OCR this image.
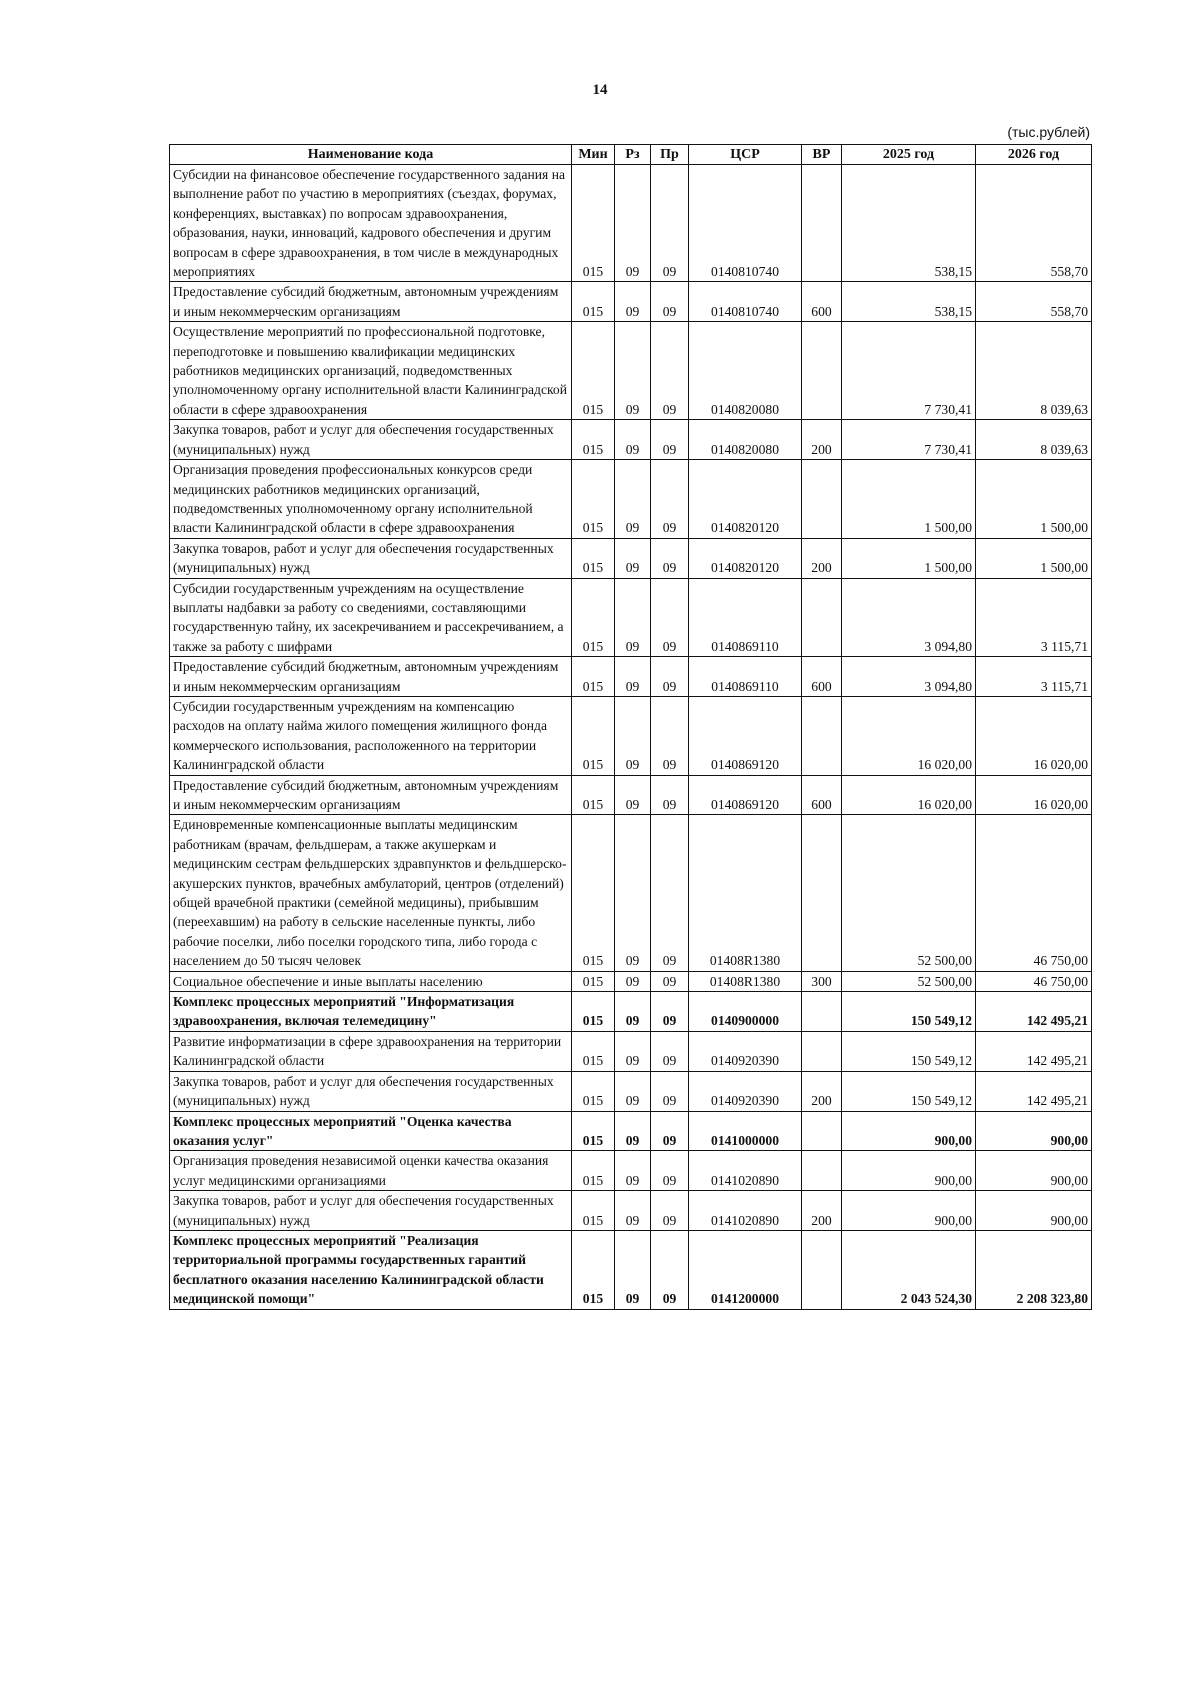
14
(тыс.рублей)
Наименование кода	Мин	Рз	Пр	ЦСР	ВР	2025 год	2026 год
Субсидии на финансовое обеспечение государственного задания на выполнение работ по участию в мероприятиях (съездах, форумах, конференциях, выставках) по вопросам здравоохранения, образования, науки, инноваций, кадрового обеспечения и другим вопросам в сфере здравоохранения, в том числе в международных мероприятиях	015	09	09	0140810740		538,15	558,70
Предоставление субсидий бюджетным, автономным учреждениям и иным некоммерческим организациям	015	09	09	0140810740	600	538,15	558,70
Осуществление мероприятий по профессиональной подготовке, переподготовке и повышению квалификации медицинских работников медицинских организаций, подведомственных уполномоченному органу исполнительной власти Калининградской области в сфере здравоохранения	015	09	09	0140820080		7 730,41	8 039,63
Закупка товаров, работ и услуг для обеспечения государственных (муниципальных) нужд	015	09	09	0140820080	200	7 730,41	8 039,63
Организация проведения профессиональных конкурсов среди медицинских работников медицинских организаций, подведомственных уполномоченному органу исполнительной власти Калининградской области в сфере здравоохранения	015	09	09	0140820120		1 500,00	1 500,00
Закупка товаров, работ и услуг для обеспечения государственных (муниципальных) нужд	015	09	09	0140820120	200	1 500,00	1 500,00
Субсидии государственным учреждениям на осуществление выплаты надбавки за работу со сведениями, составляющими государственную тайну, их засекречиванием и рассекречиванием, а также за работу с шифрами	015	09	09	0140869110		3 094,80	3 115,71
Предоставление субсидий бюджетным, автономным учреждениям и иным некоммерческим организациям	015	09	09	0140869110	600	3 094,80	3 115,71
Субсидии государственным учреждениям на компенсацию расходов на оплату найма жилого помещения жилищного фонда коммерческого использования, расположенного на территории Калининградской области	015	09	09	0140869120		16 020,00	16 020,00
Предоставление субсидий бюджетным, автономным учреждениям и иным некоммерческим организациям	015	09	09	0140869120	600	16 020,00	16 020,00
Единовременные компенсационные выплаты медицинским работникам (врачам, фельдшерам, а также акушеркам и медицинским сестрам фельдшерских здравпунктов и фельдшерско-акушерских пунктов, врачебных амбулаторий, центров (отделений) общей врачебной практики (семейной медицины), прибывшим (переехавшим) на работу в сельские населенные пункты, либо рабочие поселки, либо поселки городского типа, либо города с населением до 50 тысяч человек	015	09	09	01408R1380		52 500,00	46 750,00
Социальное обеспечение и иные выплаты населению	015	09	09	01408R1380	300	52 500,00	46 750,00
Комплекс процессных мероприятий "Информатизация здравоохранения, включая телемедицину"	015	09	09	0140900000		150 549,12	142 495,21
Развитие информатизации в сфере здравоохранения на территории Калининградской области	015	09	09	0140920390		150 549,12	142 495,21
Закупка товаров, работ и услуг для обеспечения государственных (муниципальных) нужд	015	09	09	0140920390	200	150 549,12	142 495,21
Комплекс процессных мероприятий "Оценка качества оказания услуг"	015	09	09	0141000000		900,00	900,00
Организация проведения независимой оценки качества оказания услуг медицинскими организациями	015	09	09	0141020890		900,00	900,00
Закупка товаров, работ и услуг для обеспечения государственных (муниципальных) нужд	015	09	09	0141020890	200	900,00	900,00
Комплекс процессных мероприятий "Реализация территориальной программы государственных гарантий бесплатного оказания населению Калининградской области медицинской помощи"	015	09	09	0141200000		2 043 524,30	2 208 323,80
